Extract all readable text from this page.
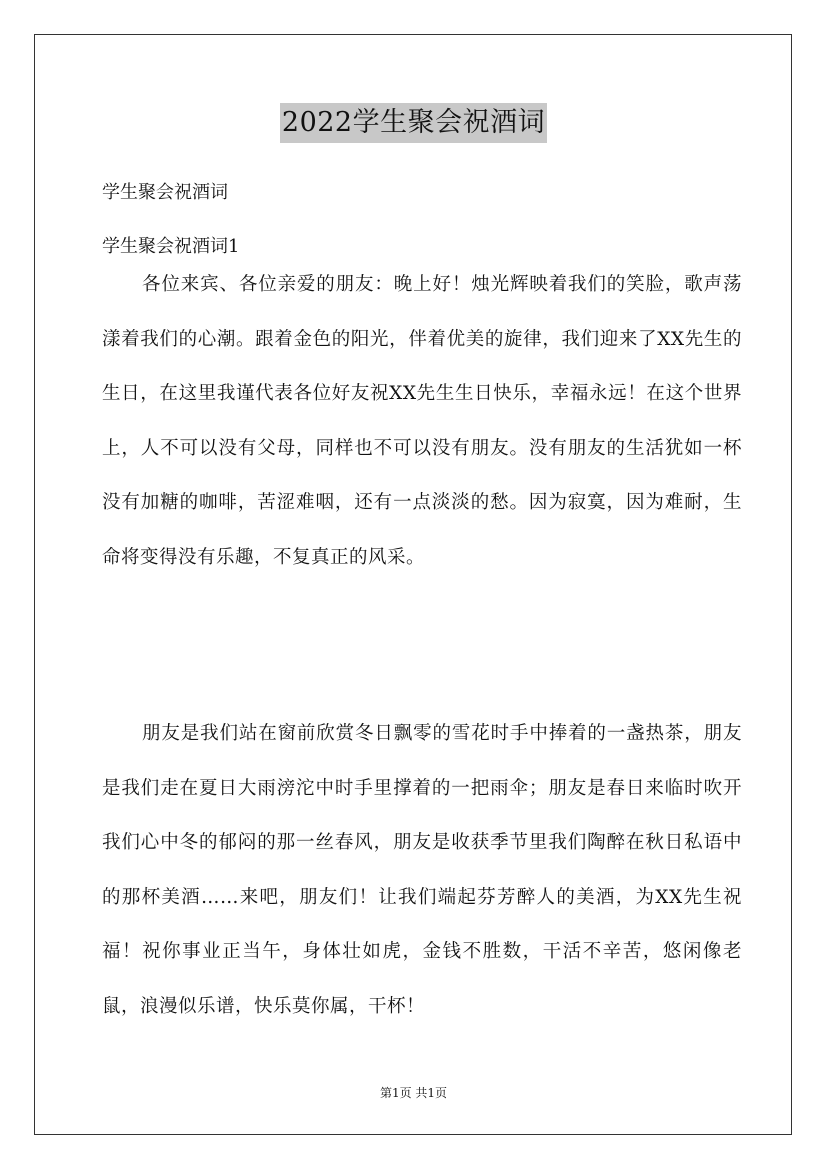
2022学生聚会祝酒词
学生聚会祝酒词
学生聚会祝酒词1
各位来宾、各位亲爱的朋友：晚上好！烛光辉映着我们的笑脸，歌声荡漾着我们的心潮。跟着金色的阳光，伴着优美的旋律，我们迎来了XX先生的生日，在这里我谨代表各位好友祝XX先生生日快乐，幸福永远！在这个世界上，人不可以没有父母，同样也不可以没有朋友。没有朋友的生活犹如一杯没有加糖的咖啡，苦涩难咽，还有一点淡淡的愁。因为寂寞，因为难耐，生命将变得没有乐趣，不复真正的风采。
朋友是我们站在窗前欣赏冬日飘零的雪花时手中捧着的一盏热茶，朋友是我们走在夏日大雨滂沱中时手里撑着的一把雨伞；朋友是春日来临时吹开我们心中冬的郁闷的那一丝春风，朋友是收获季节里我们陶醉在秋日私语中的那杯美酒……来吧，朋友们！让我们端起芬芳醉人的美酒，为XX先生祝福！祝你事业正当午，身体壮如虎，金钱不胜数，干活不辛苦，悠闲像老鼠，浪漫似乐谱，快乐莫你属，干杯！
第1页 共1页
